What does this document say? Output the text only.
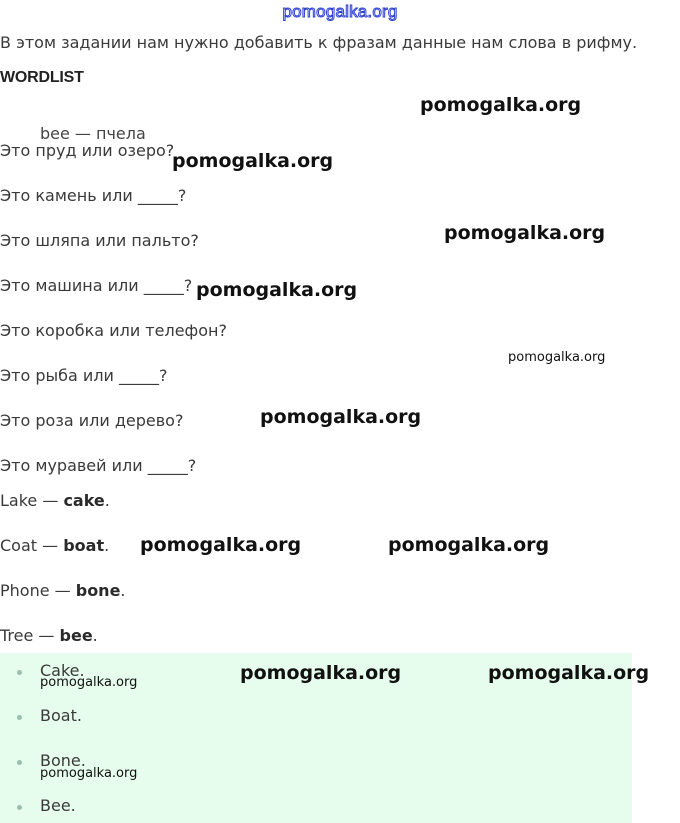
pomogalka.org
В этом задании нам нужно добавить к фразам данные нам слова в рифму.
WORDLIST
bee — пчела
Это пруд или озеро?
Это камень или _____?
Это шляпа или пальто?
Это машина или _____?
Это коробка или телефон?
Это рыба или _____?
Это роза или дерево?
Это муравей или _____?
Lake — cake.
Coat — boat.
Phone — bone.
Tree — bee.
Cake.
Boat.
Bone.
Bee.
pomogalka.org
pomogalka.org
pomogalka.org
pomogalka.org
pomogalka.org
pomogalka.org
pomogalka.org	pomogalka.org
pomogalka.org	pomogalka.org
pomogalka.org
pomogalka.org
